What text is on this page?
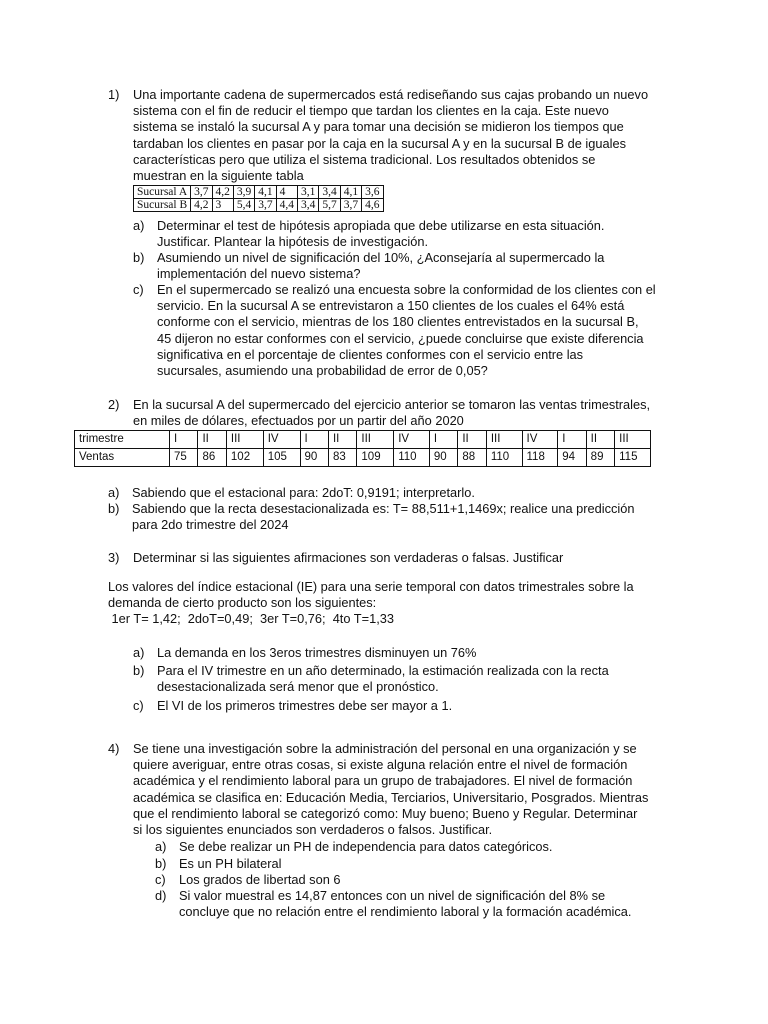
1) Una importante cadena de supermercados está rediseñando sus cajas probando un nuevo
sistema con el fin de reducir el tiempo que tardan los clientes en la caja. Este nuevo
sistema se instaló la sucursal A y para tomar una decisión se midieron los tiempos que
tardaban los clientes en pasar por la caja en la sucursal A y en la sucursal B de iguales
características pero que utiliza el sistema tradicional. Los resultados obtenidos se
muestran en la siguiente tabla
Sucursal A	3,7	4,2	3,9	4,1	4	3,1	3,4	4,1	3,6
Sucursal B	4,2	3	5,4	3,7	4,4	3,4	5,7	3,7	4,6
a) Determinar el test de hipótesis apropiada que debe utilizarse en esta situación.
Justificar. Plantear la hipótesis de investigación.
b) Asumiendo un nivel de significación del 10%, ¿Aconsejaría al supermercado la
implementación del nuevo sistema?
c) En el supermercado se realizó una encuesta sobre la conformidad de los clientes con el
servicio. En la sucursal A se entrevistaron a 150 clientes de los cuales el 64% está
conforme con el servicio, mientras de los 180 clientes entrevistados en la sucursal B,
45 dijeron no estar conformes con el servicio, ¿puede concluirse que existe diferencia
significativa en el porcentaje de clientes conformes con el servicio entre las
sucursales, asumiendo una probabilidad de error de 0,05?
2) En la sucursal A del supermercado del ejercicio anterior se tomaron las ventas trimestrales,
en miles de dólares, efectuados por un partir del año 2020
trimestre	I	II	III	IV	I	II	III	IV	I	II	III	IV	I	II	III
Ventas	75	86	102	105	90	83	109	110	90	88	110	118	94	89	115
a) Sabiendo que el estacional para: 2doT: 0,9191; interpretarlo.
b) Sabiendo que la recta desestacionalizada es: T= 88,511+1,1469x; realice una predicción
para 2do trimestre del 2024
3) Determinar si las siguientes afirmaciones son verdaderas o falsas. Justificar
Los valores del índice estacional (IE) para una serie temporal con datos trimestrales sobre la
demanda de cierto producto son los siguientes:
1er T= 1,42;  2doT=0,49;  3er T=0,76;  4to T=1,33
a) La demanda en los 3eros trimestres disminuyen un 76%
b) Para el IV trimestre en un año determinado, la estimación realizada con la recta
desestacionalizada será menor que el pronóstico.
c) El VI de los primeros trimestres debe ser mayor a 1.
4) Se tiene una investigación sobre la administración del personal en una organización y se
quiere averiguar, entre otras cosas, si existe alguna relación entre el nivel de formación
académica y el rendimiento laboral para un grupo de trabajadores. El nivel de formación
académica se clasifica en: Educación Media, Terciarios, Universitario, Posgrados. Mientras
que el rendimiento laboral se categorizó como: Muy bueno; Bueno y Regular. Determinar
si los siguientes enunciados son verdaderos o falsos. Justificar.
a) Se debe realizar un PH de independencia para datos categóricos.
b) Es un PH bilateral
c) Los grados de libertad son 6
d) Si valor muestral es 14,87 entonces con un nivel de significación del 8% se
concluye que no relación entre el rendimiento laboral y la formación académica.
